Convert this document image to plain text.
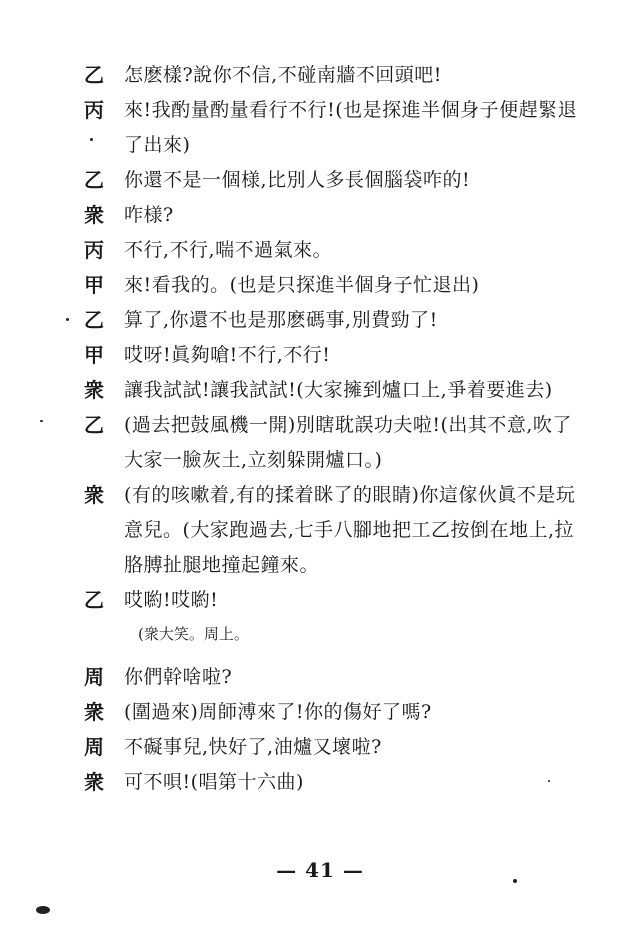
乙	怎麽樣?說你不信,不碰南牆不回頭吧!
丙	來!我酌量酌量看行不行!(也是探進半個身子便趕緊退了出來)
乙	你還不是一個様,比別人多長個腦袋咋的!
衆	咋様?
丙	不行,不行,喘不過氣來。
甲	來!看我的。(也是只探進半個身子忙退出)
乙	算了,你還不也是那麽碼事,別費勁了!
甲	哎呀!眞夠嗆!不行,不行!
衆	讓我試試!讓我試試!(大家擁到爐口上,爭着要進去)
乙	(過去把鼓風機一開)別瞎耽誤功夫啦!(出其不意,吹了大家一臉灰土,立刻躲開爐口。)
衆	(有的咳嗽着,有的揉着眯了的眼睛)你這傢伙眞不是玩意兒。(大家跑過去,七手八腳地把工乙按倒在地上,拉胳膊扯腿地撞起鐘來。
乙	哎喲!哎喲!
(衆大笑。周上。
周	你們幹啥啦?
衆	(圍過來)周師溥來了!你的傷好了嗎?
周	不礙事兒,快好了,油爐又壞啦?
衆	可不唄!(唱第十六曲)
— 41 —
